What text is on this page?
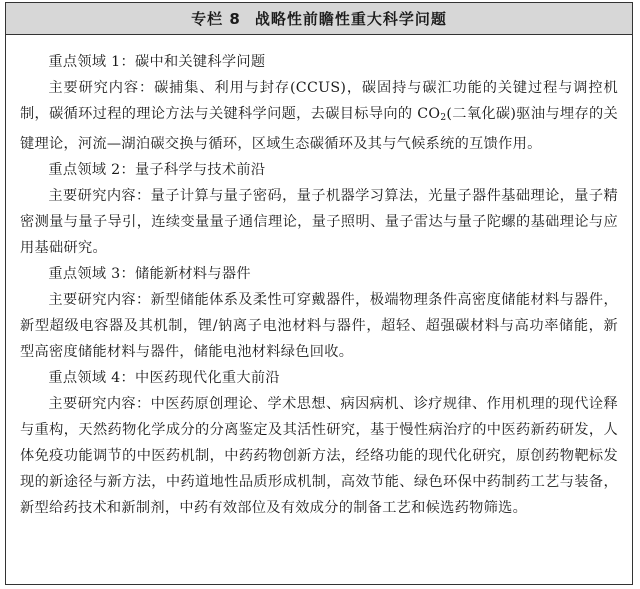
专栏 8 战略性前瞻性重大科学问题

重点领域 1：碳中和关键科学问题

主要研究内容：碳捕集、利用与封存(CCUS)，碳固持与碳汇功能的关键过程与调控机制，碳循环过程的理论方法与关键科学问题，去碳目标导向的 $CO_2$(二氧化碳)驱油与埋存的关键理论，河流—湖泊碳交换与循环，区域生态碳循环及其与气候系统的互馈作用。

重点领域 2：量子科学与技术前沿

主要研究内容：量子计算与量子密码，量子机器学习算法，光量子器件基础理论，量子精密测量与量子导引，连续变量量子通信理论，量子照明、量子雷达与量子陀螺的基础理论与应用基础研究。

重点领域 3：储能新材料与器件

主要研究内容：新型储能体系及柔性可穿戴器件，极端物理条件高密度储能材料与器件，新型超级电容器及其机制，锂/钠离子电池材料与器件，超轻、超强碳材料与高功率储能，新型高密度储能材料与器件，储能电池材料绿色回收。

重点领域 4：中医药现代化重大前沿

主要研究内容：中医药原创理论、学术思想、病因病机、诊疗规律、作用机理的现代诠释与重构，天然药物化学成分的分离鉴定及其活性研究，基于慢性病治疗的中医药新药研发，人体免疫功能调节的中医药机制，中药药物创新方法，经络功能的现代化研究，原创药物靶标发现的新途径与新方法，中药道地性品质形成机制，高效节能、绿色环保中药制药工艺与装备，新型给药技术和新制剂，中药有效部位及有效成分的制备工艺和候选药物筛选。
